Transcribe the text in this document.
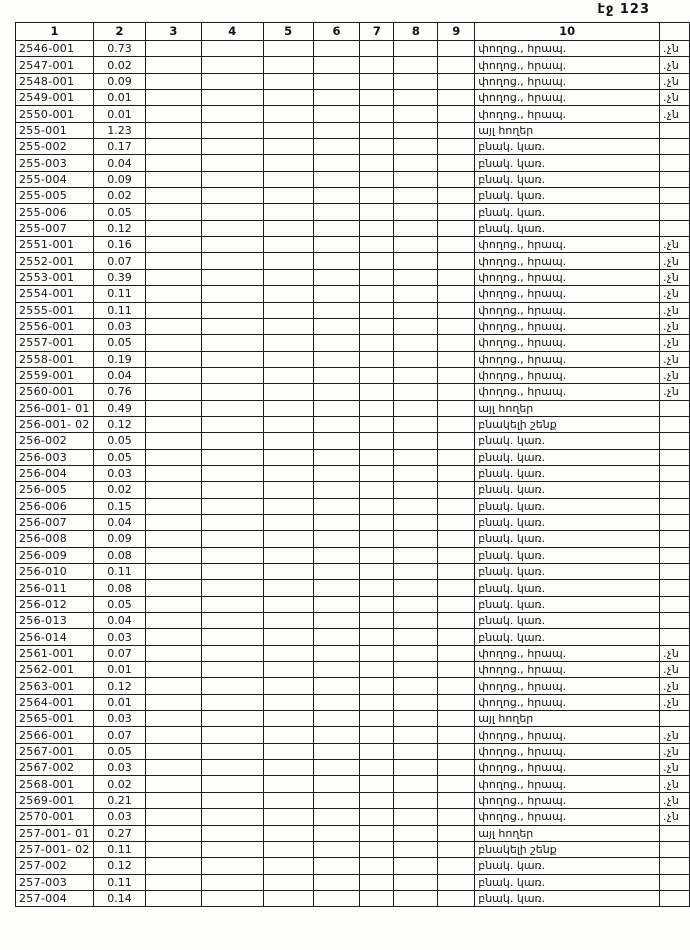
էջ 123
1	2	3	4	5	6	7	8	9	10	
2546-001	0.73								փողոց., հրապ.	.չն
2547-001	0.02								փողոց., հրապ.	.չն
2548-001	0.09								փողոց., հրապ.	.չն
2549-001	0.01								փողոց., հրապ.	.չն
2550-001	0.01								փողոց., հրապ.	.չն
255-001	1.23								այլ հողեր	
255-002	0.17								բնակ. կառ.	
255-003	0.04								բնակ. կառ.	
255-004	0.09								բնակ. կառ.	
255-005	0.02								բնակ. կառ.	
255-006	0.05								բնակ. կառ.	
255-007	0.12								բնակ. կառ.	
2551-001	0.16								փողոց., հրապ.	.չն
2552-001	0.07								փողոց., հրապ.	.չն
2553-001	0.39								փողոց., հրապ.	.չն
2554-001	0.11								փողոց., հրապ.	.չն
2555-001	0.11								փողոց., հրապ.	.չն
2556-001	0.03								փողոց., հրապ.	.չն
2557-001	0.05								փողոց., հրապ.	.չն
2558-001	0.19								փողոց., հրապ.	.չն
2559-001	0.04								փողոց., հրապ.	.չն
2560-001	0.76								փողոց., հրապ.	.չն
256-001- 01	0.49								այլ հողեր	
256-001- 02	0.12								բնակելի շենք	
256-002	0.05								բնակ. կառ.	
256-003	0.05								բնակ. կառ.	
256-004	0.03								բնակ. կառ.	
256-005	0.02								բնակ. կառ.	
256-006	0.15								բնակ. կառ.	
256-007	0.04								բնակ. կառ.	
256-008	0.09								բնակ. կառ.	
256-009	0.08								բնակ. կառ.	
256-010	0.11								բնակ. կառ.	
256-011	0.08								բնակ. կառ.	
256-012	0.05								բնակ. կառ.	
256-013	0.04								բնակ. կառ.	
256-014	0.03								բնակ. կառ.	
2561-001	0.07								փողոց., հրապ.	.չն
2562-001	0.01								փողոց., հրապ.	.չն
2563-001	0.12								փողոց., հրապ.	.չն
2564-001	0.01								փողոց., հրապ.	.չն
2565-001	0.03								այլ հողեր	
2566-001	0.07								փողոց., հրապ.	.չն
2567-001	0.05								փողոց., հրապ.	.չն
2567-002	0.03								փողոց., հրապ.	.չն
2568-001	0.02								փողոց., հրապ.	.չն
2569-001	0.21								փողոց., հրապ.	.չն
2570-001	0.03								փողոց., հրապ.	.չն
257-001- 01	0.27								այլ հողեր	
257-001- 02	0.11								բնակելի շենք	
257-002	0.12								բնակ. կառ.	
257-003	0.11								բնակ. կառ.	
257-004	0.14								բնակ. կառ.	
